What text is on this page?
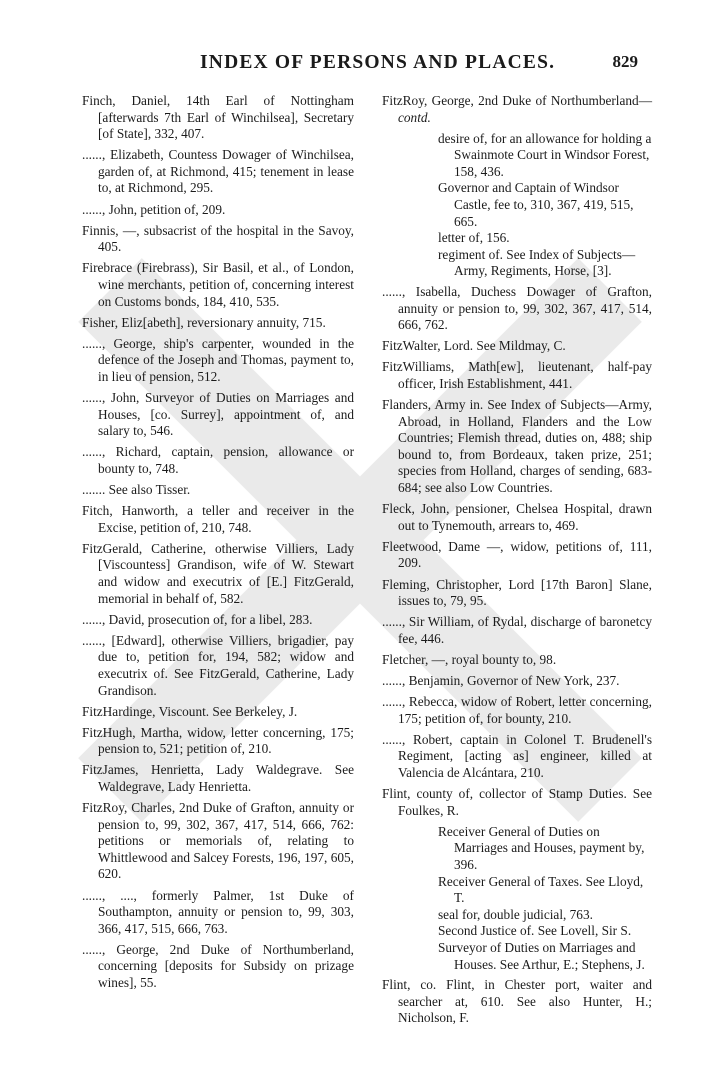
INDEX OF PERSONS AND PLACES.	829

Finch, Daniel, 14th Earl of Nottingham [afterwards 7th Earl of Winchilsea], Secretary [of State], 332, 407.

......, Elizabeth, Countess Dowager of Winchilsea, garden of, at Richmond, 415; tenement in lease to, at Richmond, 295.

......, John, petition of, 209.

Finnis, —, subsacrist of the hospital in the Savoy, 405.

Firebrace (Firebrass), Sir Basil, et al., of London, wine merchants, petition of, concerning interest on Customs bonds, 184, 410, 535.

Fisher, Eliz[abeth], reversionary annuity, 715.

......, George, ship's carpenter, wounded in the defence of the Joseph and Thomas, payment to, in lieu of pension, 512.

......, John, Surveyor of Duties on Marriages and Houses, [co. Surrey], appointment of, and salary to, 546.

......, Richard, captain, pension, allowance or bounty to, 748.

....... See also Tisser.

Fitch, Hanworth, a teller and receiver in the Excise, petition of, 210, 748.

FitzGerald, Catherine, otherwise Villiers, Lady [Viscountess] Grandison, wife of W. Stewart and widow and executrix of [E.] FitzGerald, memorial in behalf of, 582.

......, David, prosecution of, for a libel, 283.

......, [Edward], otherwise Villiers, brigadier, pay due to, petition for, 194, 582; widow and executrix of. See FitzGerald, Catherine, Lady Grandison.

FitzHardinge, Viscount. See Berkeley, J.

FitzHugh, Martha, widow, letter concerning, 175; pension to, 521; petition of, 210.

FitzJames, Henrietta, Lady Waldegrave. See Waldegrave, Lady Henrietta.

FitzRoy, Charles, 2nd Duke of Grafton, annuity or pension to, 99, 302, 367, 417, 514, 666, 762: petitions or memorials of, relating to Whittlewood and Salcey Forests, 196, 197, 605, 620.

......, ...., formerly Palmer, 1st Duke of Southampton, annuity or pension to, 99, 303, 366, 417, 515, 666, 763.

......, George, 2nd Duke of Northumberland, concerning [deposits for Subsidy on prizage wines], 55.

FitzRoy, George, 2nd Duke of Northumberland—contd.

desire of, for an allowance for holding a Swainmote Court in Windsor Forest, 158, 436.

Governor and Captain of Windsor Castle, fee to, 310, 367, 419, 515, 665.

letter of, 156.

regiment of. See Index of Subjects—Army, Regiments, Horse, [3].

......, Isabella, Duchess Dowager of Grafton, annuity or pension to, 99, 302, 367, 417, 514, 666, 762.

FitzWalter, Lord. See Mildmay, C.

FitzWilliams, Math[ew], lieutenant, half-pay officer, Irish Establishment, 441.

Flanders, Army in. See Index of Subjects—Army, Abroad, in Holland, Flanders and the Low Countries; Flemish thread, duties on, 488; ship bound to, from Bordeaux, taken prize, 251; species from Holland, charges of sending, 683-684; see also Low Countries.

Fleck, John, pensioner, Chelsea Hospital, drawn out to Tynemouth, arrears to, 469.

Fleetwood, Dame —, widow, petitions of, 111, 209.

Fleming, Christopher, Lord [17th Baron] Slane, issues to, 79, 95.

......, Sir William, of Rydal, discharge of baronetcy fee, 446.

Fletcher, —, royal bounty to, 98.

......, Benjamin, Governor of New York, 237.

......, Rebecca, widow of Robert, letter concerning, 175; petition of, for bounty, 210.

......, Robert, captain in Colonel T. Brudenell's Regiment, [acting as] engineer, killed at Valencia de Alcántara, 210.

Flint, county of, collector of Stamp Duties. See Foulkes, R.

Receiver General of Duties on Marriages and Houses, payment by, 396.

Receiver General of Taxes. See Lloyd, T.

seal for, double judicial, 763.

Second Justice of. See Lovell, Sir S.

Surveyor of Duties on Marriages and Houses. See Arthur, E.; Stephens, J.

Flint, co. Flint, in Chester port, waiter and searcher at, 610. See also Hunter, H.; Nicholson, F.
